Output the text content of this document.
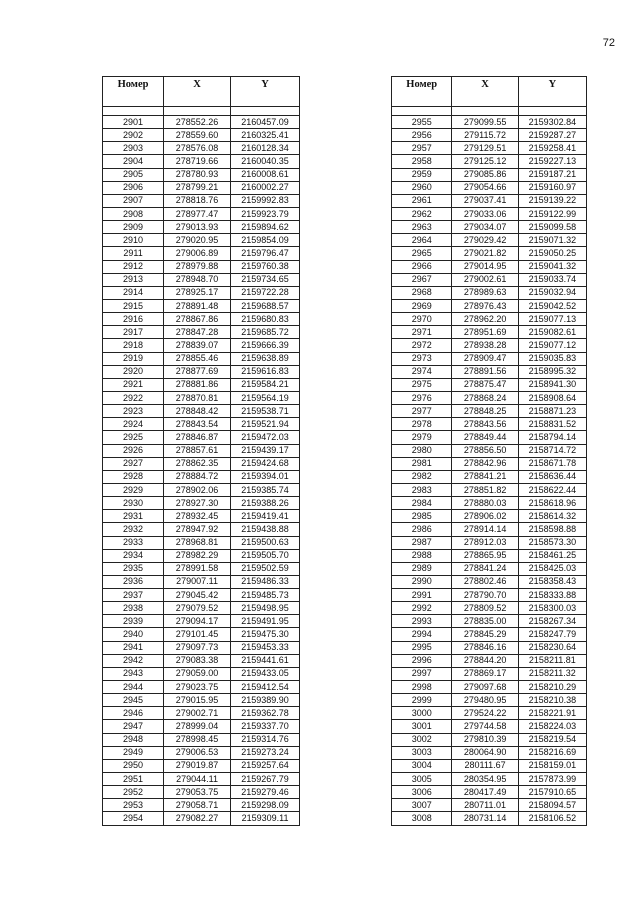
72
Номер	X	Y

2901	278552.26	2160457.09
2902	278559.60	2160325.41
2903	278576.08	2160128.34
2904	278719.66	2160040.35
2905	278780.93	2160008.61
2906	278799.21	2160002.27
2907	278818.76	2159992.83
2908	278977.47	2159923.79
2909	279013.93	2159894.62
2910	279020.95	2159854.09
2911	279006.89	2159796.47
2912	278979.88	2159760.38
2913	278948.70	2159734.65
2914	278925.17	2159722.28
2915	278891.48	2159688.57
2916	278867.86	2159680.83
2917	278847.28	2159685.72
2918	278839.07	2159666.39
2919	278855.46	2159638.89
2920	278877.69	2159616.83
2921	278881.86	2159584.21
2922	278870.81	2159564.19
2923	278848.42	2159538.71
2924	278843.54	2159521.94
2925	278846.87	2159472.03
2926	278857.61	2159439.17
2927	278862.35	2159424.68
2928	278884.72	2159394.01
2929	278902.06	2159385.74
2930	278927.30	2159388.26
2931	278932.45	2159419.41
2932	278947.92	2159438.88
2933	278968.81	2159500.63
2934	278982.29	2159505.70
2935	278991.58	2159502.59
2936	279007.11	2159486.33
2937	279045.42	2159485.73
2938	279079.52	2159498.95
2939	279094.17	2159491.95
2940	279101.45	2159475.30
2941	279097.73	2159453.33
2942	279083.38	2159441.61
2943	279059.00	2159433.05
2944	279023.75	2159412.54
2945	279015.95	2159389.90
2946	279002.71	2159362.78
2947	278999.04	2159337.70
2948	278998.45	2159314.76
2949	279006.53	2159273.24
2950	279019.87	2159257.64
2951	279044.11	2159267.79
2952	279053.75	2159279.46
2953	279058.71	2159298.09
2954	279082.27	2159309.11
Номер	X	Y

2955	279099.55	2159302.84
2956	279115.72	2159287.27
2957	279129.51	2159258.41
2958	279125.12	2159227.13
2959	279085.86	2159187.21
2960	279054.66	2159160.97
2961	279037.41	2159139.22
2962	279033.06	2159122.99
2963	279034.07	2159099.58
2964	279029.42	2159071.32
2965	279021.82	2159050.25
2966	279014.95	2159041.32
2967	279002.61	2159033.74
2968	278989.63	2159032.94
2969	278976.43	2159042.52
2970	278962.20	2159077.13
2971	278951.69	2159082.61
2972	278938.28	2159077.12
2973	278909.47	2159035.83
2974	278891.56	2158995.32
2975	278875.47	2158941.30
2976	278868.24	2158908.64
2977	278848.25	2158871.23
2978	278843.56	2158831.52
2979	278849.44	2158794.14
2980	278856.50	2158714.72
2981	278842.96	2158671.78
2982	278841.21	2158636.44
2983	278851.82	2158622.44
2984	278880.03	2158618.96
2985	278906.02	2158614.32
2986	278914.14	2158598.88
2987	278912.03	2158573.30
2988	278865.95	2158461.25
2989	278841.24	2158425.03
2990	278802.46	2158358.43
2991	278790.70	2158333.88
2992	278809.52	2158300.03
2993	278835.00	2158267.34
2994	278845.29	2158247.79
2995	278846.16	2158230.64
2996	278844.20	2158211.81
2997	278869.17	2158211.32
2998	279097.68	2158210.29
2999	279480.95	2158210.38
3000	279524.22	2158221.91
3001	279744.58	2158224.03
3002	279810.39	2158219.54
3003	280064.90	2158216.69
3004	280111.67	2158159.01
3005	280354.95	2157873.99
3006	280417.49	2157910.65
3007	280711.01	2158094.57
3008	280731.14	2158106.52
